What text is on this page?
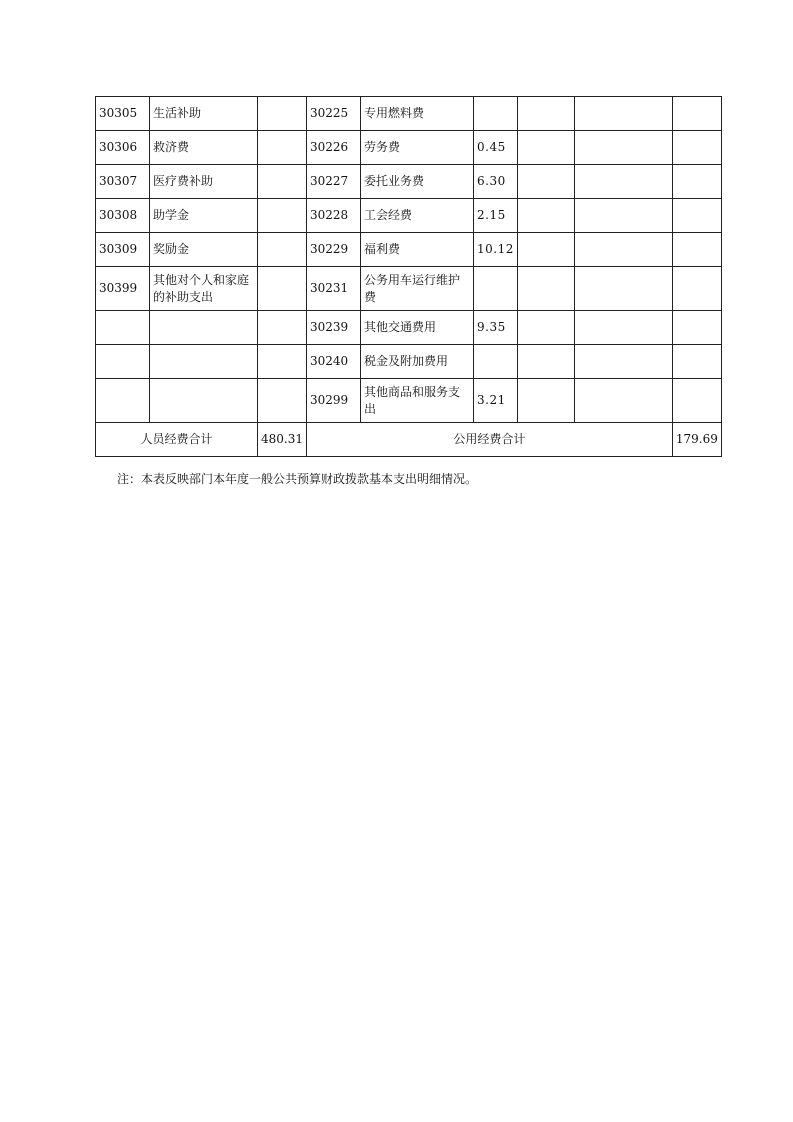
30305	生活补助		30225	专用燃料费				
30306	救济费		30226	劳务费	0.45			
30307	医疗费补助		30227	委托业务费	6.30			
30308	助学金		30228	工会经费	2.15			
30309	奖励金		30229	福利费	10.12			
30399	其他对个人和家庭的补助支出		30231	公务用车运行维护费				
			30239	其他交通费用	9.35			
			30240	税金及附加费用				
			30299	其他商品和服务支出	3.21			
人员经费合计		480.31	公用经费合计					179.69
注：本表反映部门本年度一般公共预算财政拨款基本支出明细情况。
